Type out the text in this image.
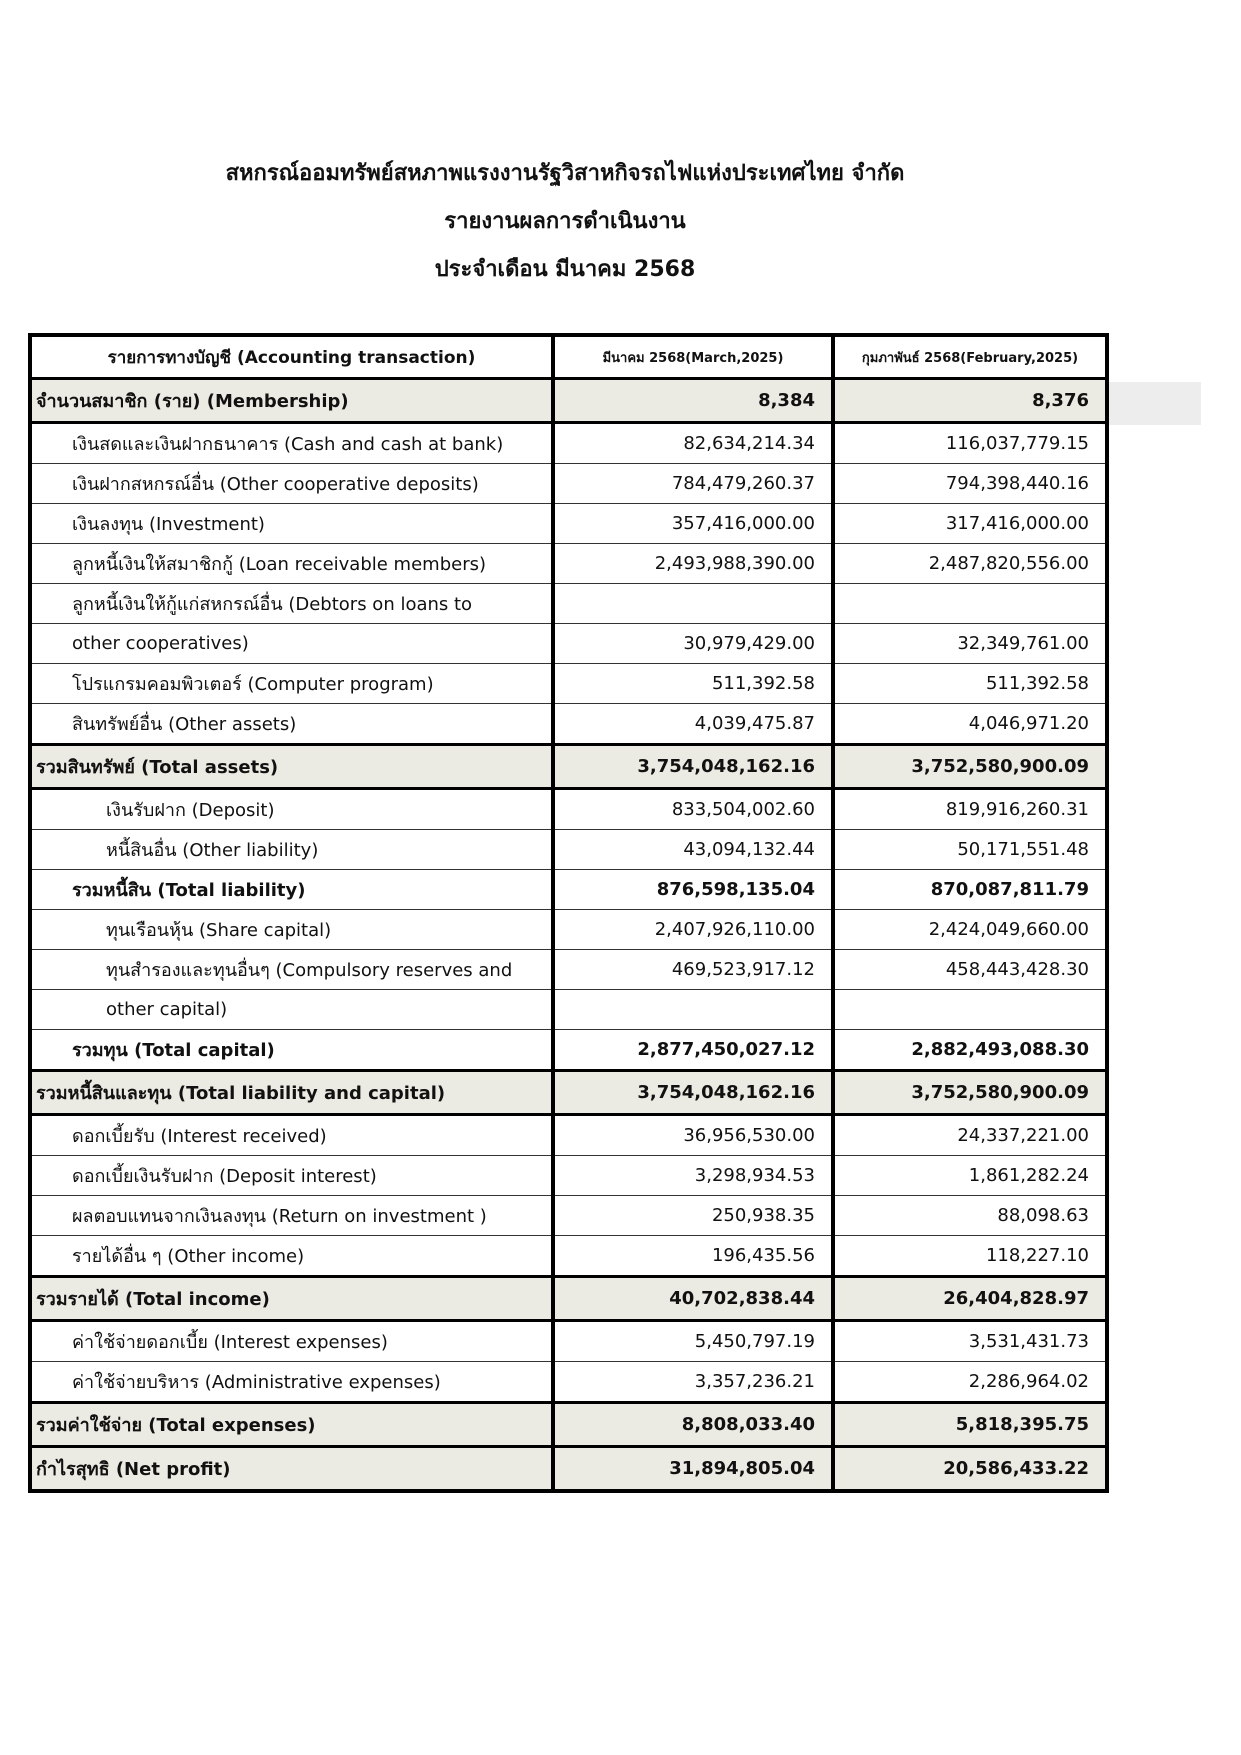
สหกรณ์ออมทรัพย์สหภาพแรงงานรัฐวิสาหกิจรถไฟแห่งประเทศไทย จำกัด
รายงานผลการดำเนินงาน
ประจำเดือน มีนาคม 2568
รายการทางบัญชี (Accounting transaction)	มีนาคม 2568(March,2025)	กุมภาพันธ์ 2568(February,2025)
จำนวนสมาชิก (ราย) (Membership)	8,384	8,376
เงินสดและเงินฝากธนาคาร (Cash and cash at bank)	82,634,214.34	116,037,779.15
เงินฝากสหกรณ์อื่น (Other cooperative deposits)	784,479,260.37	794,398,440.16
เงินลงทุน (Investment)	357,416,000.00	317,416,000.00
ลูกหนี้เงินให้สมาชิกกู้ (Loan receivable members)	2,493,988,390.00	2,487,820,556.00
ลูกหนี้เงินให้กู้แก่สหกรณ์อื่น (Debtors on loans to		
other cooperatives)	30,979,429.00	32,349,761.00
โปรแกรมคอมพิวเตอร์ (Computer program)	511,392.58	511,392.58
สินทรัพย์อื่น (Other assets)	4,039,475.87	4,046,971.20
รวมสินทรัพย์ (Total assets)	3,754,048,162.16	3,752,580,900.09
เงินรับฝาก (Deposit)	833,504,002.60	819,916,260.31
หนี้สินอื่น (Other liability)	43,094,132.44	50,171,551.48
รวมหนี้สิน (Total liability)	876,598,135.04	870,087,811.79
ทุนเรือนหุ้น (Share capital)	2,407,926,110.00	2,424,049,660.00
ทุนสำรองและทุนอื่นๆ (Compulsory reserves and	469,523,917.12	458,443,428.30
other capital)		
รวมทุน (Total capital)	2,877,450,027.12	2,882,493,088.30
รวมหนี้สินและทุน (Total liability and capital)	3,754,048,162.16	3,752,580,900.09
ดอกเบี้ยรับ (Interest received)	36,956,530.00	24,337,221.00
ดอกเบี้ยเงินรับฝาก (Deposit interest)	3,298,934.53	1,861,282.24
ผลตอบแทนจากเงินลงทุน (Return on investment )	250,938.35	88,098.63
รายได้อื่น ๆ (Other income)	196,435.56	118,227.10
รวมรายได้ (Total income)	40,702,838.44	26,404,828.97
ค่าใช้จ่ายดอกเบี้ย (Interest expenses)	5,450,797.19	3,531,431.73
ค่าใช้จ่ายบริหาร (Administrative expenses)	3,357,236.21	2,286,964.02
รวมค่าใช้จ่าย (Total expenses)	8,808,033.40	5,818,395.75
กำไรสุทธิ (Net profit)	31,894,805.04	20,586,433.22
